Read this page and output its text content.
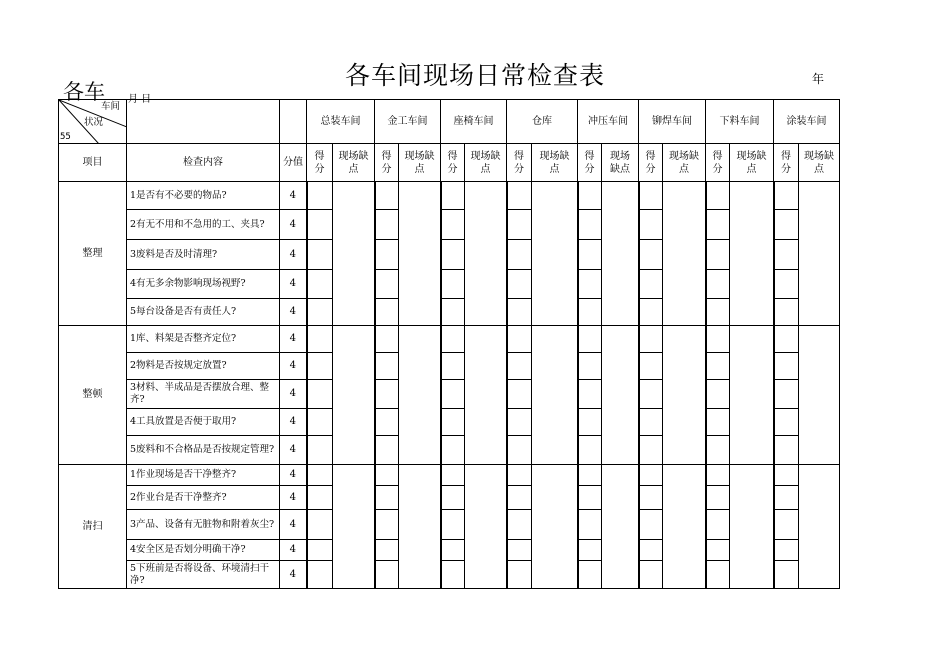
各车间现场日常检查表	年
各车 月 日
车间
状况
55			总装车间		金工车间		座椅车间		仓库		冲压车间		铆焊车间		下料车间		涂装车间	
项目	检查内容	分值	得分	现场缺点	得分	现场缺点	得分	现场缺点	得分	现场缺点	得分	现场缺点	得分	现场缺点	得分	现场缺点	得分	现场缺点
整理	1是否有不必要的物品?	4																
	2有无不用和不急用的工、夹具?	4																
	3废料是否及时清理?	4																
	4有无多余物影响现场视野?	4																
	5每台设备是否有责任人?	4																
整顿	1库、料架是否整齐定位?	4																
	2物料是否按规定放置?	4																
	3材料、半成品是否摆放合理、整齐?	4																
	4工具放置是否便于取用?	4																
	5废料和不合格品是否按规定管理?	4																
清扫	1作业现场是否干净整齐?	4																
	2作业台是否干净整齐?	4																
	3产品、设备有无脏物和附着灰尘?	4																
	4安全区是否划分明确干净?	4																
	5下班前是否将设备、环境清扫干净?	4																
